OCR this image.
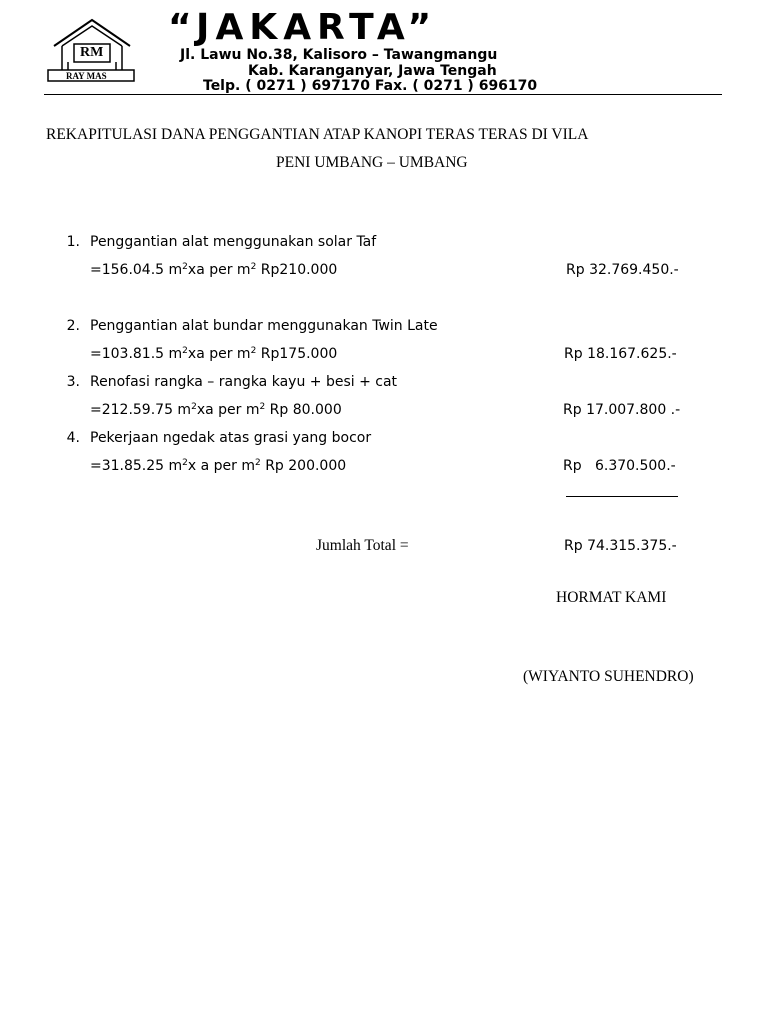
RM
RAY MAS
“JAKARTA”
Jl. Lawu No.38, Kalisoro – Tawangmangu
Kab. Karanganyar, Jawa Tengah
Telp. ( 0271 ) 697170 Fax. ( 0271 ) 696170
REKAPITULASI DANA PENGGANTIAN ATAP KANOPI TERAS TERAS DI VILA
PENI UMBANG – UMBANG
1. Penggantian alat menggunakan solar Taf
=156.04.5 $m^2xa$ per $m^2$ Rp210.000	Rp 32.769.450.-
2. Penggantian alat bundar menggunakan Twin Late
=103.81.5 $m^2xa$ per $m^2$ Rp175.000	Rp 18.167.625.-
3. Renofasi rangka – rangka kayu + besi + cat
=212.59.75 $m^2xa$ per $m^2$ Rp 80.000	Rp 17.007.800 .-
4. Pekerjaan ngedak atas grasi yang bocor
=31.85.25 $m^2x$ a per $m^2$ Rp 200.000	Rp   6.370.500.-
Jumlah Total =	Rp 74.315.375.-
HORMAT KAMI
(WIYANTO SUHENDRO)
